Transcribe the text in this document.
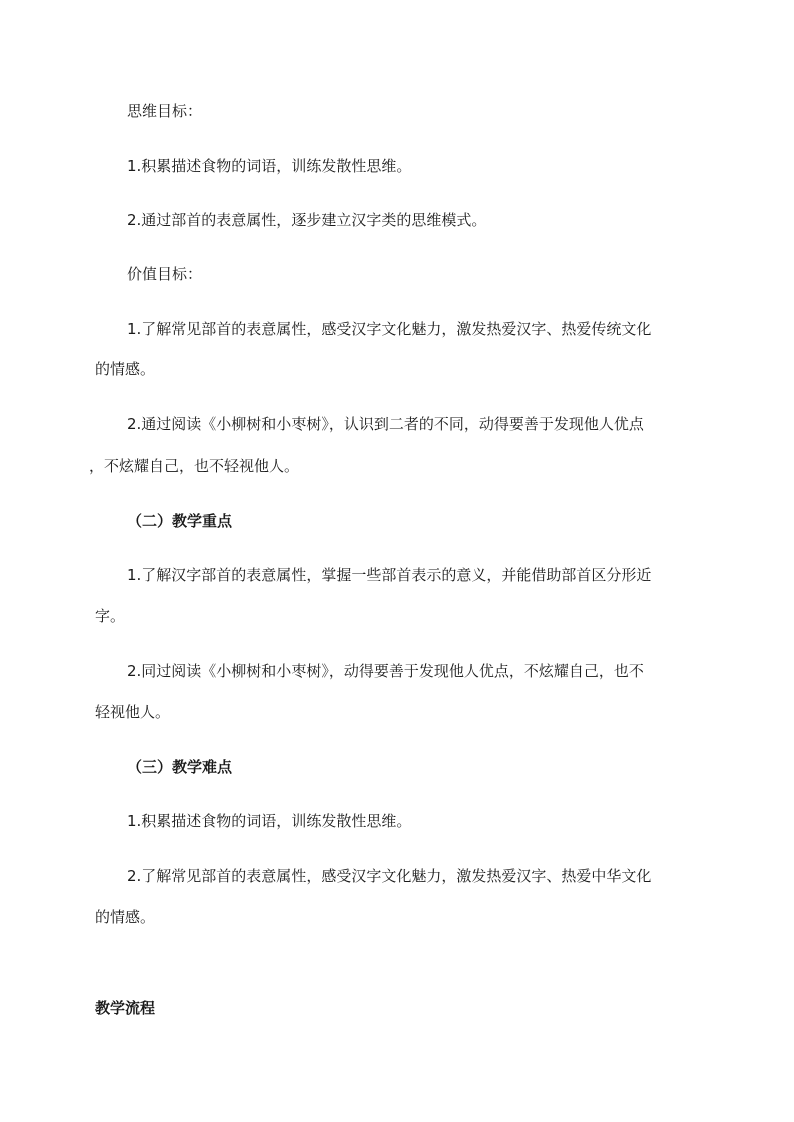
思维目标：
1.积累描述食物的词语，训练发散性思维。
2.通过部首的表意属性，逐步建立汉字类的思维模式。
价值目标：
1.了解常见部首的表意属性，感受汉字文化魅力，激发热爱汉字、热爱传统文化
的情感。
2.通过阅读《小柳树和小枣树》，认识到二者的不同，动得要善于发现他人优点
，不炫耀自己，也不轻视他人。
（二）教学重点
1.了解汉字部首的表意属性，掌握一些部首表示的意义，并能借助部首区分形近
字。
2.同过阅读《小柳树和小枣树》，动得要善于发现他人优点，不炫耀自己，也不
轻视他人。
（三）教学难点
1.积累描述食物的词语，训练发散性思维。
2.了解常见部首的表意属性，感受汉字文化魅力，激发热爱汉字、热爱中华文化
的情感。
教学流程
